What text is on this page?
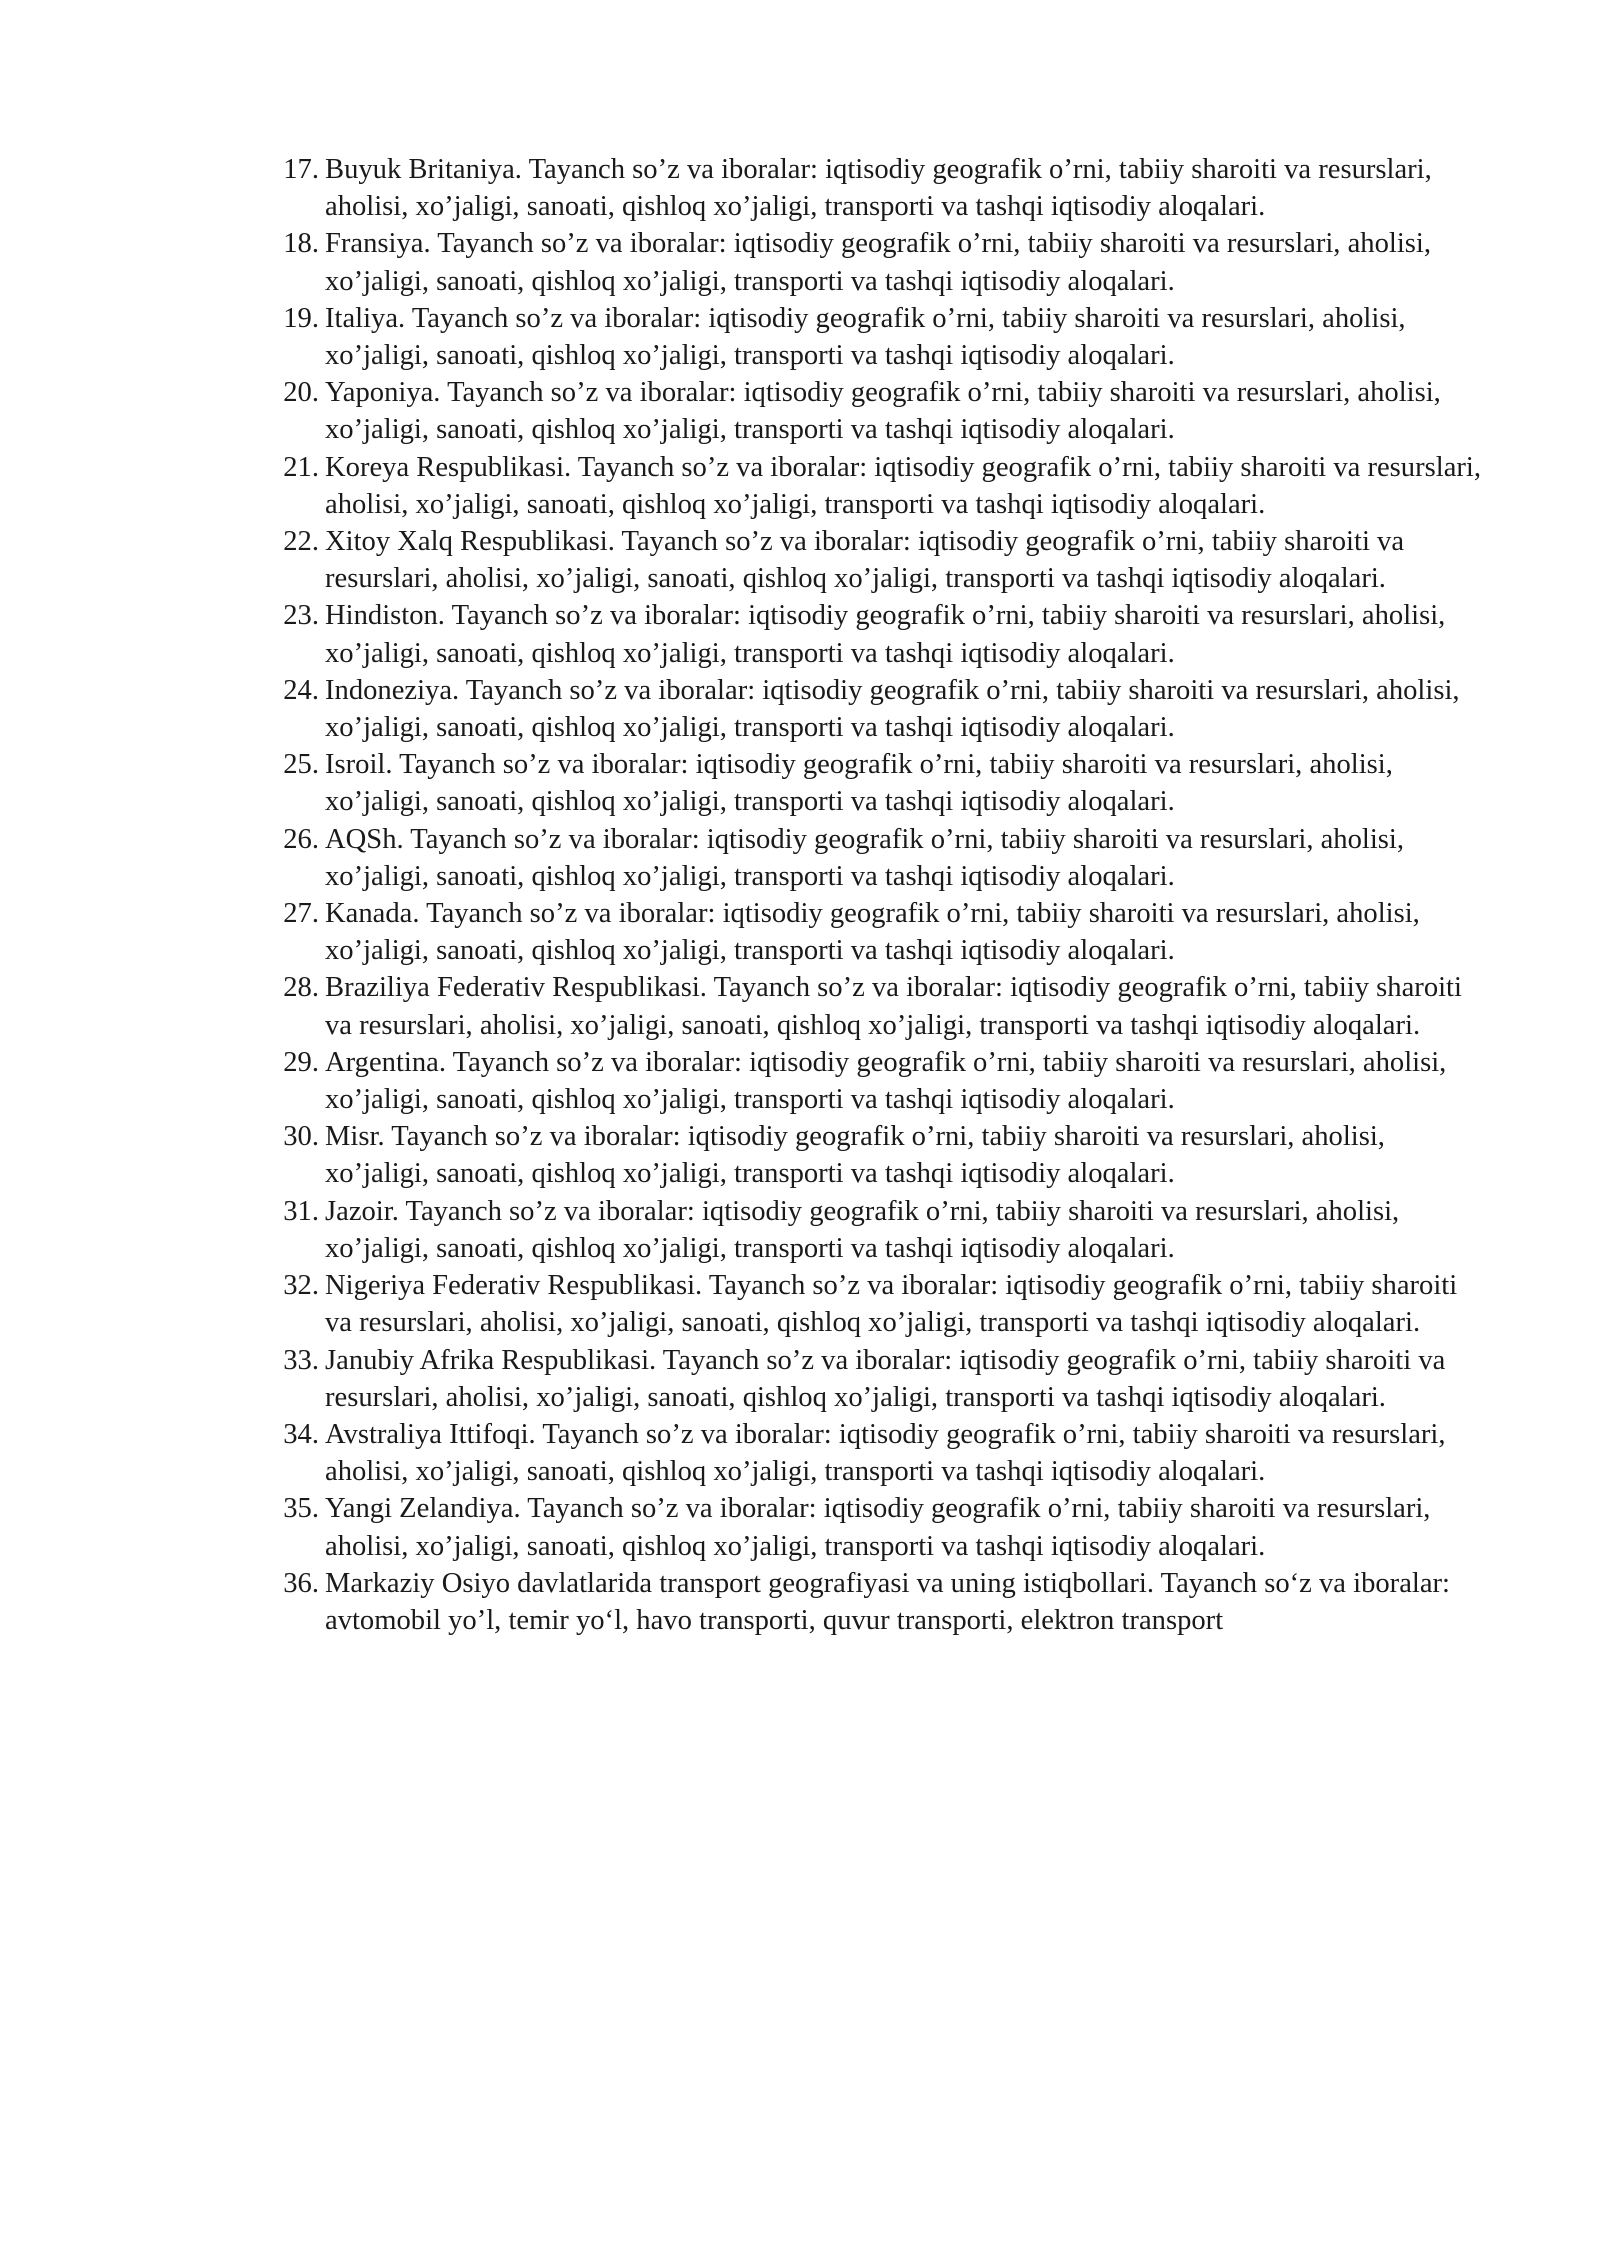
17. Buyuk Britaniya. Tayanch so’z va iboralar: iqtisodiy geografik o’rni, tabiiy sharoiti va resurslari, aholisi, xo’jaligi, sanoati, qishloq xo’jaligi, transporti va tashqi iqtisodiy aloqalari.
18. Fransiya. Tayanch so’z va iboralar: iqtisodiy geografik o’rni, tabiiy sharoiti va resurslari, aholisi, xo’jaligi, sanoati, qishloq xo’jaligi, transporti va tashqi iqtisodiy aloqalari.
19. Italiya. Tayanch so’z va iboralar: iqtisodiy geografik o’rni, tabiiy sharoiti va resurslari, aholisi, xo’jaligi, sanoati, qishloq xo’jaligi, transporti va tashqi iqtisodiy aloqalari.
20. Yaponiya. Tayanch so’z va iboralar: iqtisodiy geografik o’rni, tabiiy sharoiti va resurslari, aholisi, xo’jaligi, sanoati, qishloq xo’jaligi, transporti va tashqi iqtisodiy aloqalari.
21. Koreya Respublikasi. Tayanch so’z va iboralar: iqtisodiy geografik o’rni, tabiiy sharoiti va resurslari, aholisi, xo’jaligi, sanoati, qishloq xo’jaligi, transporti va tashqi iqtisodiy aloqalari.
22. Xitoy Xalq Respublikasi. Tayanch so’z va iboralar: iqtisodiy geografik o’rni, tabiiy sharoiti va resurslari, aholisi, xo’jaligi, sanoati, qishloq xo’jaligi, transporti va tashqi iqtisodiy aloqalari.
23. Hindiston. Tayanch so’z va iboralar: iqtisodiy geografik o’rni, tabiiy sharoiti va resurslari, aholisi, xo’jaligi, sanoati, qishloq xo’jaligi, transporti va tashqi iqtisodiy aloqalari.
24. Indoneziya. Tayanch so’z va iboralar: iqtisodiy geografik o’rni, tabiiy sharoiti va resurslari, aholisi, xo’jaligi, sanoati, qishloq xo’jaligi, transporti va tashqi iqtisodiy aloqalari.
25. Isroil. Tayanch so’z va iboralar: iqtisodiy geografik o’rni, tabiiy sharoiti va resurslari, aholisi, xo’jaligi, sanoati, qishloq xo’jaligi, transporti va tashqi iqtisodiy aloqalari.
26. AQSh. Tayanch so’z va iboralar: iqtisodiy geografik o’rni, tabiiy sharoiti va resurslari, aholisi, xo’jaligi, sanoati, qishloq xo’jaligi, transporti va tashqi iqtisodiy aloqalari.
27. Kanada. Tayanch so’z va iboralar: iqtisodiy geografik o’rni, tabiiy sharoiti va resurslari, aholisi, xo’jaligi, sanoati, qishloq xo’jaligi, transporti va tashqi iqtisodiy aloqalari.
28. Braziliya Federativ Respublikasi. Tayanch so’z va iboralar: iqtisodiy geografik o’rni, tabiiy sharoiti va resurslari, aholisi, xo’jaligi, sanoati, qishloq xo’jaligi, transporti va tashqi iqtisodiy aloqalari.
29. Argentina. Tayanch so’z va iboralar: iqtisodiy geografik o’rni, tabiiy sharoiti va resurslari, aholisi, xo’jaligi, sanoati, qishloq xo’jaligi, transporti va tashqi iqtisodiy aloqalari.
30. Misr. Tayanch so’z va iboralar: iqtisodiy geografik o’rni, tabiiy sharoiti va resurslari, aholisi, xo’jaligi, sanoati, qishloq xo’jaligi, transporti va tashqi iqtisodiy aloqalari.
31. Jazoir. Tayanch so’z va iboralar: iqtisodiy geografik o’rni, tabiiy sharoiti va resurslari, aholisi, xo’jaligi, sanoati, qishloq xo’jaligi, transporti va tashqi iqtisodiy aloqalari.
32. Nigeriya Federativ Respublikasi. Tayanch so’z va iboralar: iqtisodiy geografik o’rni, tabiiy sharoiti va resurslari, aholisi, xo’jaligi, sanoati, qishloq xo’jaligi, transporti va tashqi iqtisodiy aloqalari.
33. Janubiy Afrika Respublikasi. Tayanch so’z va iboralar: iqtisodiy geografik o’rni, tabiiy sharoiti va resurslari, aholisi, xo’jaligi, sanoati, qishloq xo’jaligi, transporti va tashqi iqtisodiy aloqalari.
34. Avstraliya Ittifoqi. Tayanch so’z va iboralar: iqtisodiy geografik o’rni, tabiiy sharoiti va resurslari, aholisi, xo’jaligi, sanoati, qishloq xo’jaligi, transporti va tashqi iqtisodiy aloqalari.
35. Yangi Zelandiya. Tayanch so’z va iboralar: iqtisodiy geografik o’rni, tabiiy sharoiti va resurslari, aholisi, xo’jaligi, sanoati, qishloq xo’jaligi, transporti va tashqi iqtisodiy aloqalari.
36. Markaziy Osiyo davlatlarida transport geografiyasi va uning istiqbollari. Tayanch so‘z va iboralar: avtomobil yo’l, temir yo‘l, havo transporti, quvur transporti, elektron transport
